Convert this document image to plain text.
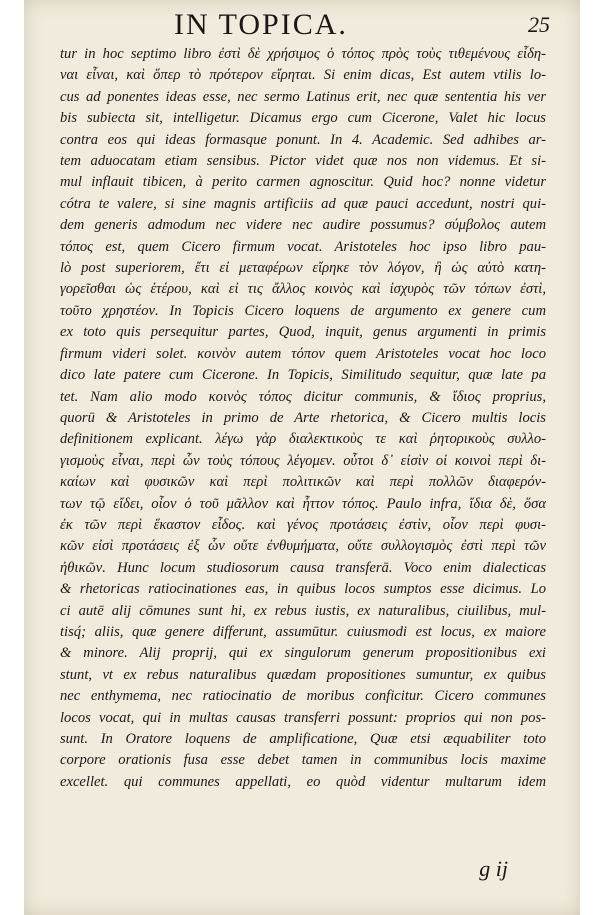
IN TOPICA.	25
tur in hoc septimo libro ἐστὶ δὲ χρήσιμος ὁ τόπος πρὸς τοὺς τιθεμένους εἶδη-
ναι εἶναι, καὶ ὅπερ τὸ πρότερον εἴρηται. Si enim dicas, Est autem vtilis lo-
cus ad ponentes ideas esse, nec sermo Latinus erit, nec quæ sententia his ver
bis subiecta sit, intelligetur. Dicamus ergo cum Cicerone, Valet hic locus
contra eos qui ideas formasque ponunt. In 4. Academic. Sed adhibes ar-
tem aduocatam etiam sensibus. Pictor videt quæ nos non videmus. Et si-
mul inflauit tibicen, à perito carmen agnoscitur. Quid hoc? nonne videtur
cótra te valere, si sine magnis artificiis ad quæ pauci accedunt, nostri qui-
dem generis admodum nec videre nec audire possumus? σύμβολος autem
τόπος est, quem Cicero firmum vocat. Aristoteles hoc ipso libro pau-
lò post superiorem, ἔτι εἰ μεταφέρων εἴρηκε τὸν λόγον, ἢ ὡς αὐτὸ κατη-
γορεῖσθαι ὡς ἑτέρου, καὶ εἰ τις ἄλλος κοινὸς καὶ ἰσχυρὸς τῶν τόπων ἐστὶ,
τοῦτο χρηστέον. In Topicis Cicero loquens de argumento ex genere cum
ex toto quis persequitur partes, Quod, inquit, genus argumenti in primis
firmum videri solet. κοινὸν autem τόπον quem Aristoteles vocat hoc loco
dico late patere cum Cicerone. In Topicis, Similitudo sequitur, quæ late pa
tet. Nam alio modo κοινὸς τόπος dicitur communis, & ἴδιος proprius,
quorū & Aristoteles in primo de Arte rhetorica, & Cicero multis locis
definitionem explicant. λέγω γὰρ διαλεκτικοὺς τε καὶ ῥητορικοὺς συλλο-
γισμοὺς εἶναι, περὶ ὧν τοὺς τόπους λέγομεν. οὗτοι δ᾽ εἰσὶν οἱ κοινοὶ περὶ δι-
καίων καὶ φυσικῶν καὶ περὶ πολιτικῶν καὶ περὶ πολλῶν διαφερόν-
των τῷ εἴδει, οἷον ὁ τοῦ μᾶλλον καὶ ἧττον τόπος. Paulo infra, ἴδια δὲ, ὅσα
ἐκ τῶν περὶ ἕκαστον εἶδος. καὶ γένος προτάσεις ἐστὶν, οἷον περὶ φυσι-
κῶν εἰσὶ προτάσεις ἐξ ὧν οὔτε ἐνθυμήματα, οὔτε συλλογισμὸς ἐστὶ περὶ τῶν
ἠθικῶν. Hunc locum studiosorum causa transferā. Voco enim dialecticas
& rhetoricas ratiocinationes eas, in quibus locos sumptos esse dicimus. Lo
ci autē alij cōmunes sunt hi, ex rebus iustis, ex naturalibus, ciuilibus, mul-
tisq́; aliis, quæ genere differunt, assumūtur. cuiusmodi est locus, ex maiore
& minore. Alij proprij, qui ex singulorum generum propositionibus exi
stunt, vt ex rebus naturalibus quædam propositiones sumuntur, ex quibus
nec enthymema, nec ratiocinatio de moribus conficitur. Cicero communes
locos vocat, qui in multas causas transferri possunt: proprios qui non pos-
sunt. In Oratore loquens de amplificatione, Quæ etsi æquabiliter toto
corpore orationis fusa esse debet tamen in communibus locis maxime
excellet. qui communes appellati, eo quòd videntur multarum idem
g ij
